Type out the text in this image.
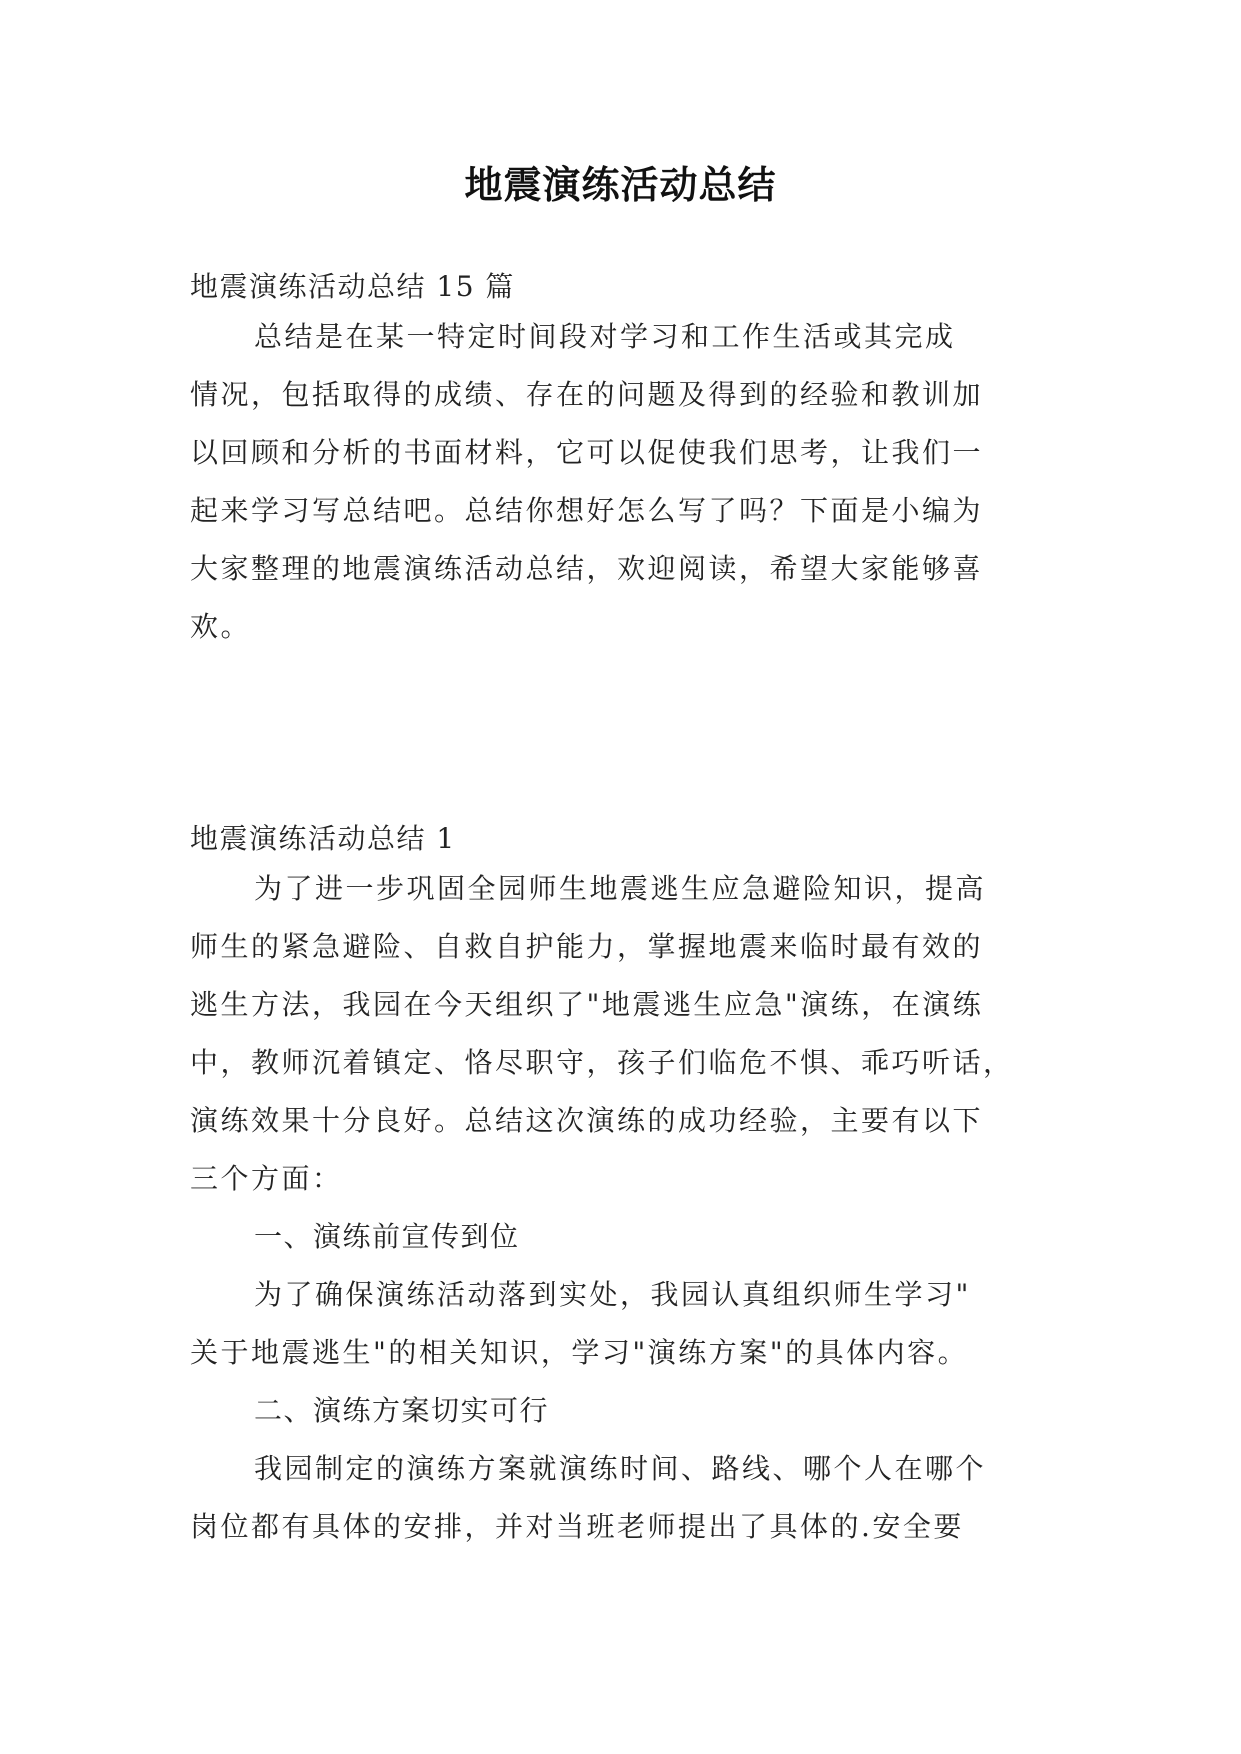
地震演练活动总结
地震演练活动总结 15 篇
总结是在某一特定时间段对学习和工作生活或其完成
情况，包括取得的成绩、存在的问题及得到的经验和教训加
以回顾和分析的书面材料，它可以促使我们思考，让我们一
起来学习写总结吧。总结你想好怎么写了吗？下面是小编为
大家整理的地震演练活动总结，欢迎阅读，希望大家能够喜
欢。
地震演练活动总结 1
为了进一步巩固全园师生地震逃生应急避险知识，提高
师生的紧急避险、自救自护能力，掌握地震来临时最有效的
逃生方法，我园在今天组织了"地震逃生应急"演练，在演练
中，教师沉着镇定、恪尽职守，孩子们临危不惧、乖巧听话，
演练效果十分良好。总结这次演练的成功经验，主要有以下
三个方面：
一、演练前宣传到位
为了确保演练活动落到实处，我园认真组织师生学习"
关于地震逃生"的相关知识，学习"演练方案"的具体内容。
二、演练方案切实可行
我园制定的演练方案就演练时间、路线、哪个人在哪个
岗位都有具体的安排，并对当班老师提出了具体的.安全要
